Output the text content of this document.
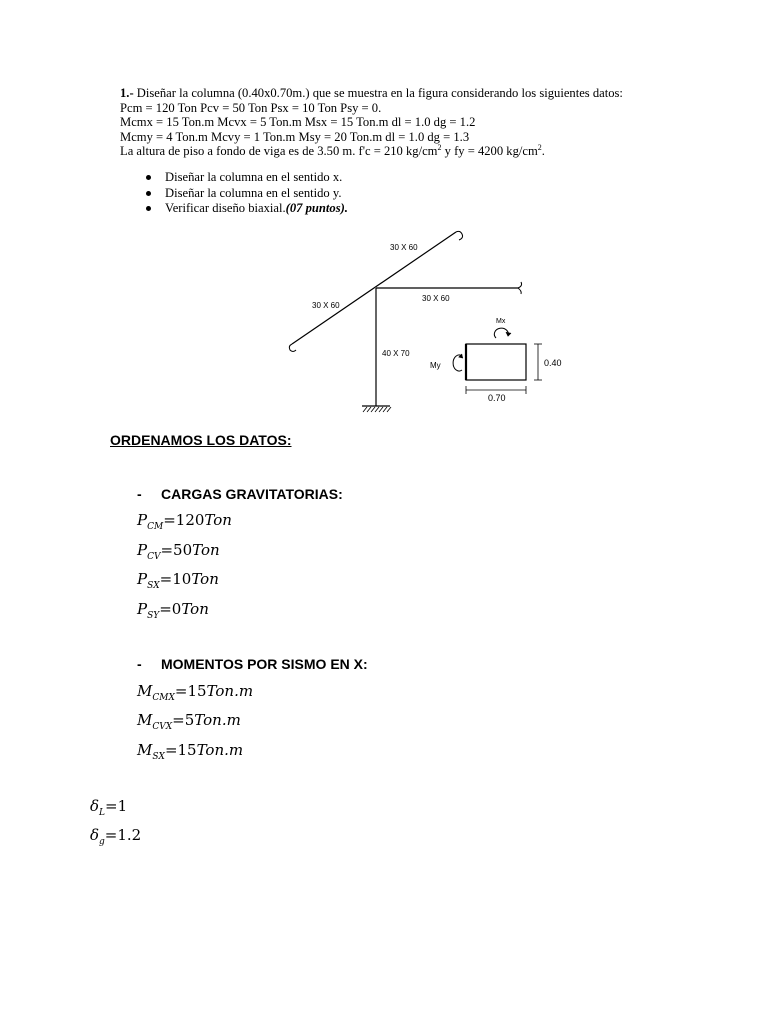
1.- Diseñar la columna (0.40x0.70m.) que se muestra en la figura considerando los siguientes datos:
Pcm = 120 Ton Pcv = 50 Ton Psx = 10 Ton Psy = 0.
Mcmx = 15 Ton.m Mcvx = 5 Ton.m Msx = 15 Ton.m dl = 1.0 dg = 1.2
Mcmy = 4 Ton.m Mcvy = 1 Ton.m Msy = 20 Ton.m dl = 1.0 dg = 1.3
La altura de piso a fondo de viga es de 3.50 m. f'c = 210 $kg/cm^2$ y fy = 4200 $kg/cm^2$.
Diseñar la columna en el sentido x.
Diseñar la columna en el sentido y.
Verificar diseño biaxial. (07 puntos).
30 X 60
30 X 60
30 X 60
40 X 70
Mx
My	0.40
0.70
ORDENAMOS LOS DATOS:
- CARGAS GRAVITATORIAS:
$P_{CM}=120Ton$
$P_{CV}=50Ton$
$P_{SX}=10Ton$
$P_{SY}=0Ton$
- MOMENTOS POR SISMO EN X:
$M_{CMX}=15Ton.m$
$M_{CVX}=5Ton.m$
$M_{SX}=15Ton.m$
$\delta_L=1$
$\delta_g=1.2$
